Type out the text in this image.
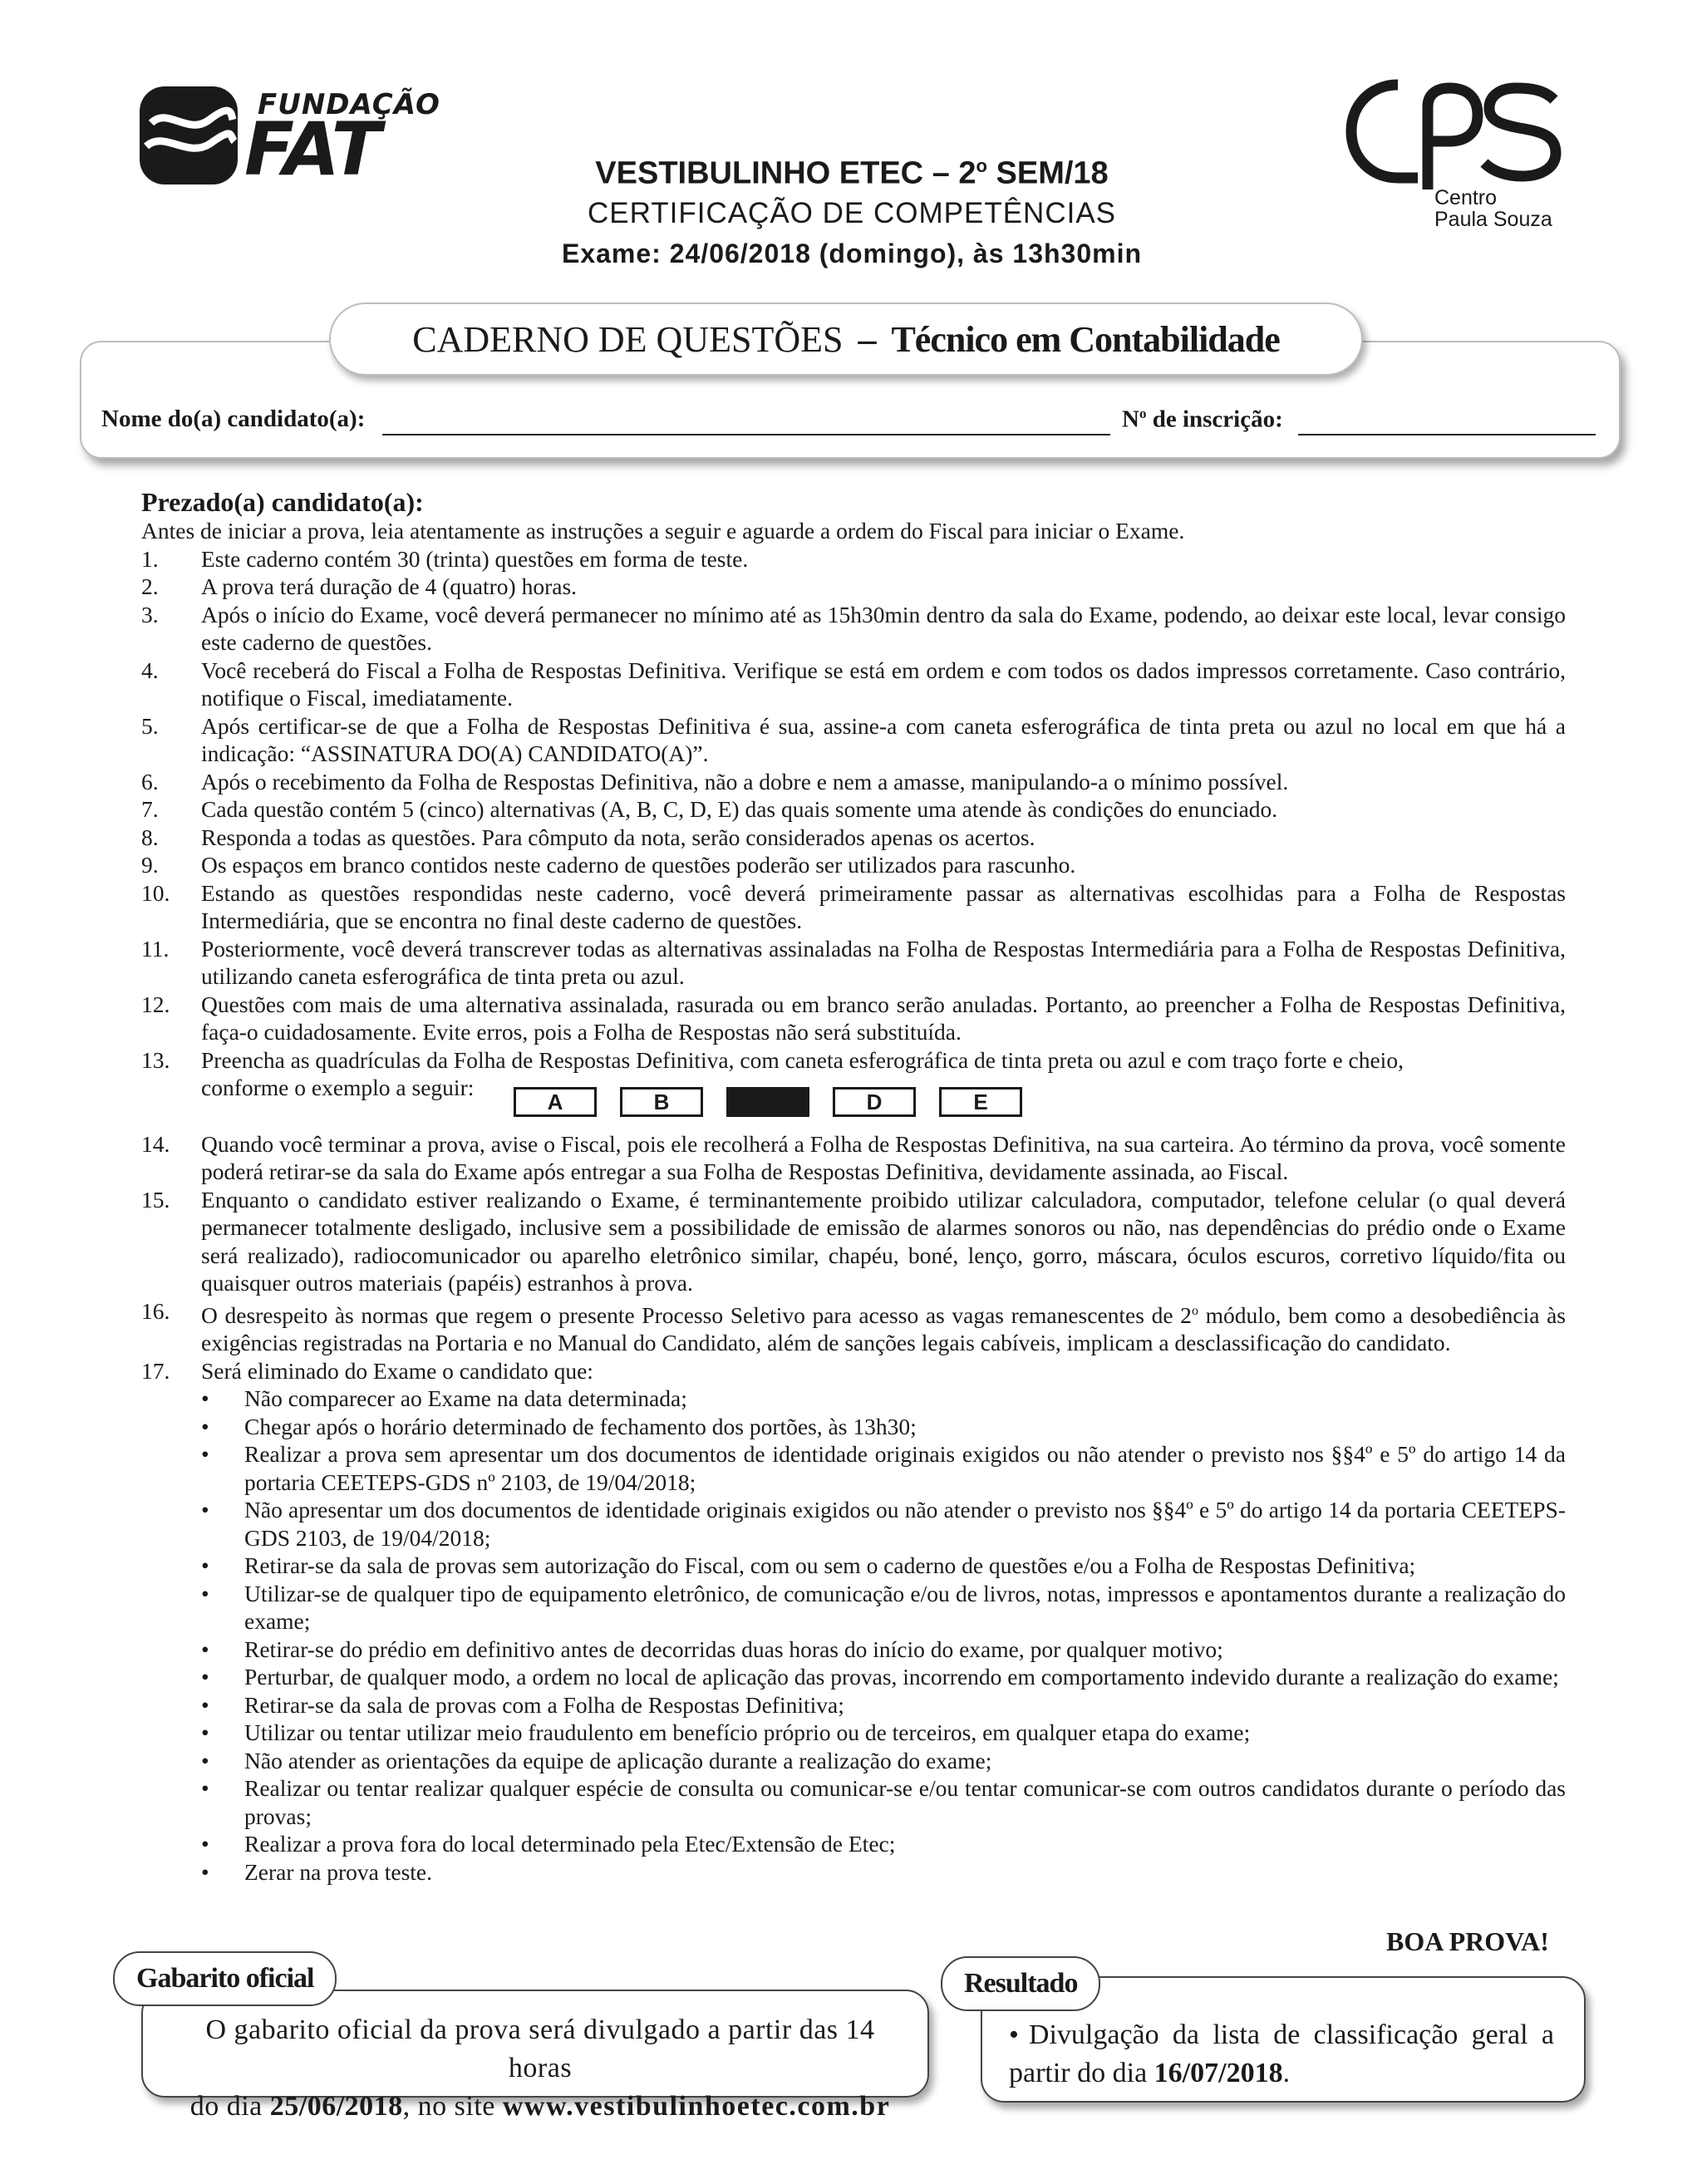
FUNDAÇÃO
FAT
Centro
Paula Souza
VESTIBULINHO ETEC – 2$^o$ SEM/18
CERTIFICAÇÃO DE COMPETÊNCIAS
Exame: 24/06/2018 (domingo), às 13h30min
CADERNO DE QUESTÕES – Técnico em Contabilidade
Nome do(a) candidato(a):	$N^o$ de inscrição:
Prezado(a) candidato(a):
Antes de iniciar a prova, leia atentamente as instruções a seguir e aguarde a ordem do Fiscal para iniciar o Exame.
1. Este caderno contém 30 (trinta) questões em forma de teste.
2. A prova terá duração de 4 (quatro) horas.
3. Após o início do Exame, você deverá permanecer no mínimo até as 15h30min dentro da sala do Exame, podendo, ao deixar este local, levar consigo este caderno de questões.
4. Você receberá do Fiscal a Folha de Respostas Definitiva. Verifique se está em ordem e com todos os dados impressos corretamente. Caso contrário, notifique o Fiscal, imediatamente.
5. Após certificar-se de que a Folha de Respostas Definitiva é sua, assine-a com caneta esferográfica de tinta preta ou azul no local em que há a indicação: “ASSINATURA DO(A) CANDIDATO(A)”.
6. Após o recebimento da Folha de Respostas Definitiva, não a dobre e nem a amasse, manipulando-a o mínimo possível.
7. Cada questão contém 5 (cinco) alternativas (A, B, C, D, E) das quais somente uma atende às condições do enunciado.
8. Responda a todas as questões. Para cômputo da nota, serão considerados apenas os acertos.
9. Os espaços em branco contidos neste caderno de questões poderão ser utilizados para rascunho.
10. Estando as questões respondidas neste caderno, você deverá primeiramente passar as alternativas escolhidas para a Folha de Respostas Intermediária, que se encontra no final deste caderno de questões.
11. Posteriormente, você deverá transcrever todas as alternativas assinaladas na Folha de Respostas Intermediária para a Folha de Respostas Definitiva, utilizando caneta esferográfica de tinta preta ou azul.
12. Questões com mais de uma alternativa assinalada, rasurada ou em branco serão anuladas. Portanto, ao preencher a Folha de Respostas Definitiva, faça-o cuidadosamente. Evite erros, pois a Folha de Respostas não será substituída.
13. Preencha as quadrículas da Folha de Respostas Definitiva, com caneta esferográfica de tinta preta ou azul e com traço forte e cheio,
conforme o exemplo a seguir:
14. Quando você terminar a prova, avise o Fiscal, pois ele recolherá a Folha de Respostas Definitiva, na sua carteira. Ao término da prova, você somente poderá retirar-se da sala do Exame após entregar a sua Folha de Respostas Definitiva, devidamente assinada, ao Fiscal.
15. Enquanto o candidato estiver realizando o Exame, é terminantemente proibido utilizar calculadora, computador, telefone celular (o qual deverá permanecer totalmente desligado, inclusive sem a possibilidade de emissão de alarmes sonoros ou não, nas dependências do prédio onde o Exame será realizado), radiocomunicador ou aparelho eletrônico similar, chapéu, boné, lenço, gorro, máscara, óculos escuros, corretivo líquido/fita ou quaisquer outros materiais (papéis) estranhos à prova.
16. O desrespeito às normas que regem o presente Processo Seletivo para acesso as vagas remanescentes de 2$^o$ módulo, bem como a desobediência às exigências registradas na Portaria e no Manual do Candidato, além de sanções legais cabíveis, implicam a desclassificação do candidato.
17. Será eliminado do Exame o candidato que:
• Não comparecer ao Exame na data determinada;
• Chegar após o horário determinado de fechamento dos portões, às 13h30;
• Realizar a prova sem apresentar um dos documentos de identidade originais exigidos ou não atender o previsto nos §§4º e 5º do artigo 14 da portaria CEETEPS-GDS nº 2103, de 19/04/2018;
• Não apresentar um dos documentos de identidade originais exigidos ou não atender o previsto nos §§4º e 5º do artigo 14 da portaria CEETEPS-GDS 2103, de 19/04/2018;
• Retirar-se da sala de provas sem autorização do Fiscal, com ou sem o caderno de questões e/ou a Folha de Respostas Definitiva;
• Utilizar-se de qualquer tipo de equipamento eletrônico, de comunicação e/ou de livros, notas, impressos e apontamentos durante a realização do exame;
• Retirar-se do prédio em definitivo antes de decorridas duas horas do início do exame, por qualquer motivo;
• Perturbar, de qualquer modo, a ordem no local de aplicação das provas, incorrendo em comportamento indevido durante a realização do exame;
• Retirar-se da sala de provas com a Folha de Respostas Definitiva;
• Utilizar ou tentar utilizar meio fraudulento em benefício próprio ou de terceiros, em qualquer etapa do exame;
• Não atender as orientações da equipe de aplicação durante a realização do exame;
• Realizar ou tentar realizar qualquer espécie de consulta ou comunicar-se e/ou tentar comunicar-se com outros candidatos durante o período das provas;
• Realizar a prova fora do local determinado pela Etec/Extensão de Etec;
• Zerar na prova teste.
A	B	D	E
BOA PROVA!
Gabarito oficial
O gabarito oficial da prova será divulgado a partir das 14 horas
do dia 25/06/2018, no site www.vestibulinhoetec.com.br
Resultado
• Divulgação da lista de classificação geral a partir do dia 16/07/2018.
